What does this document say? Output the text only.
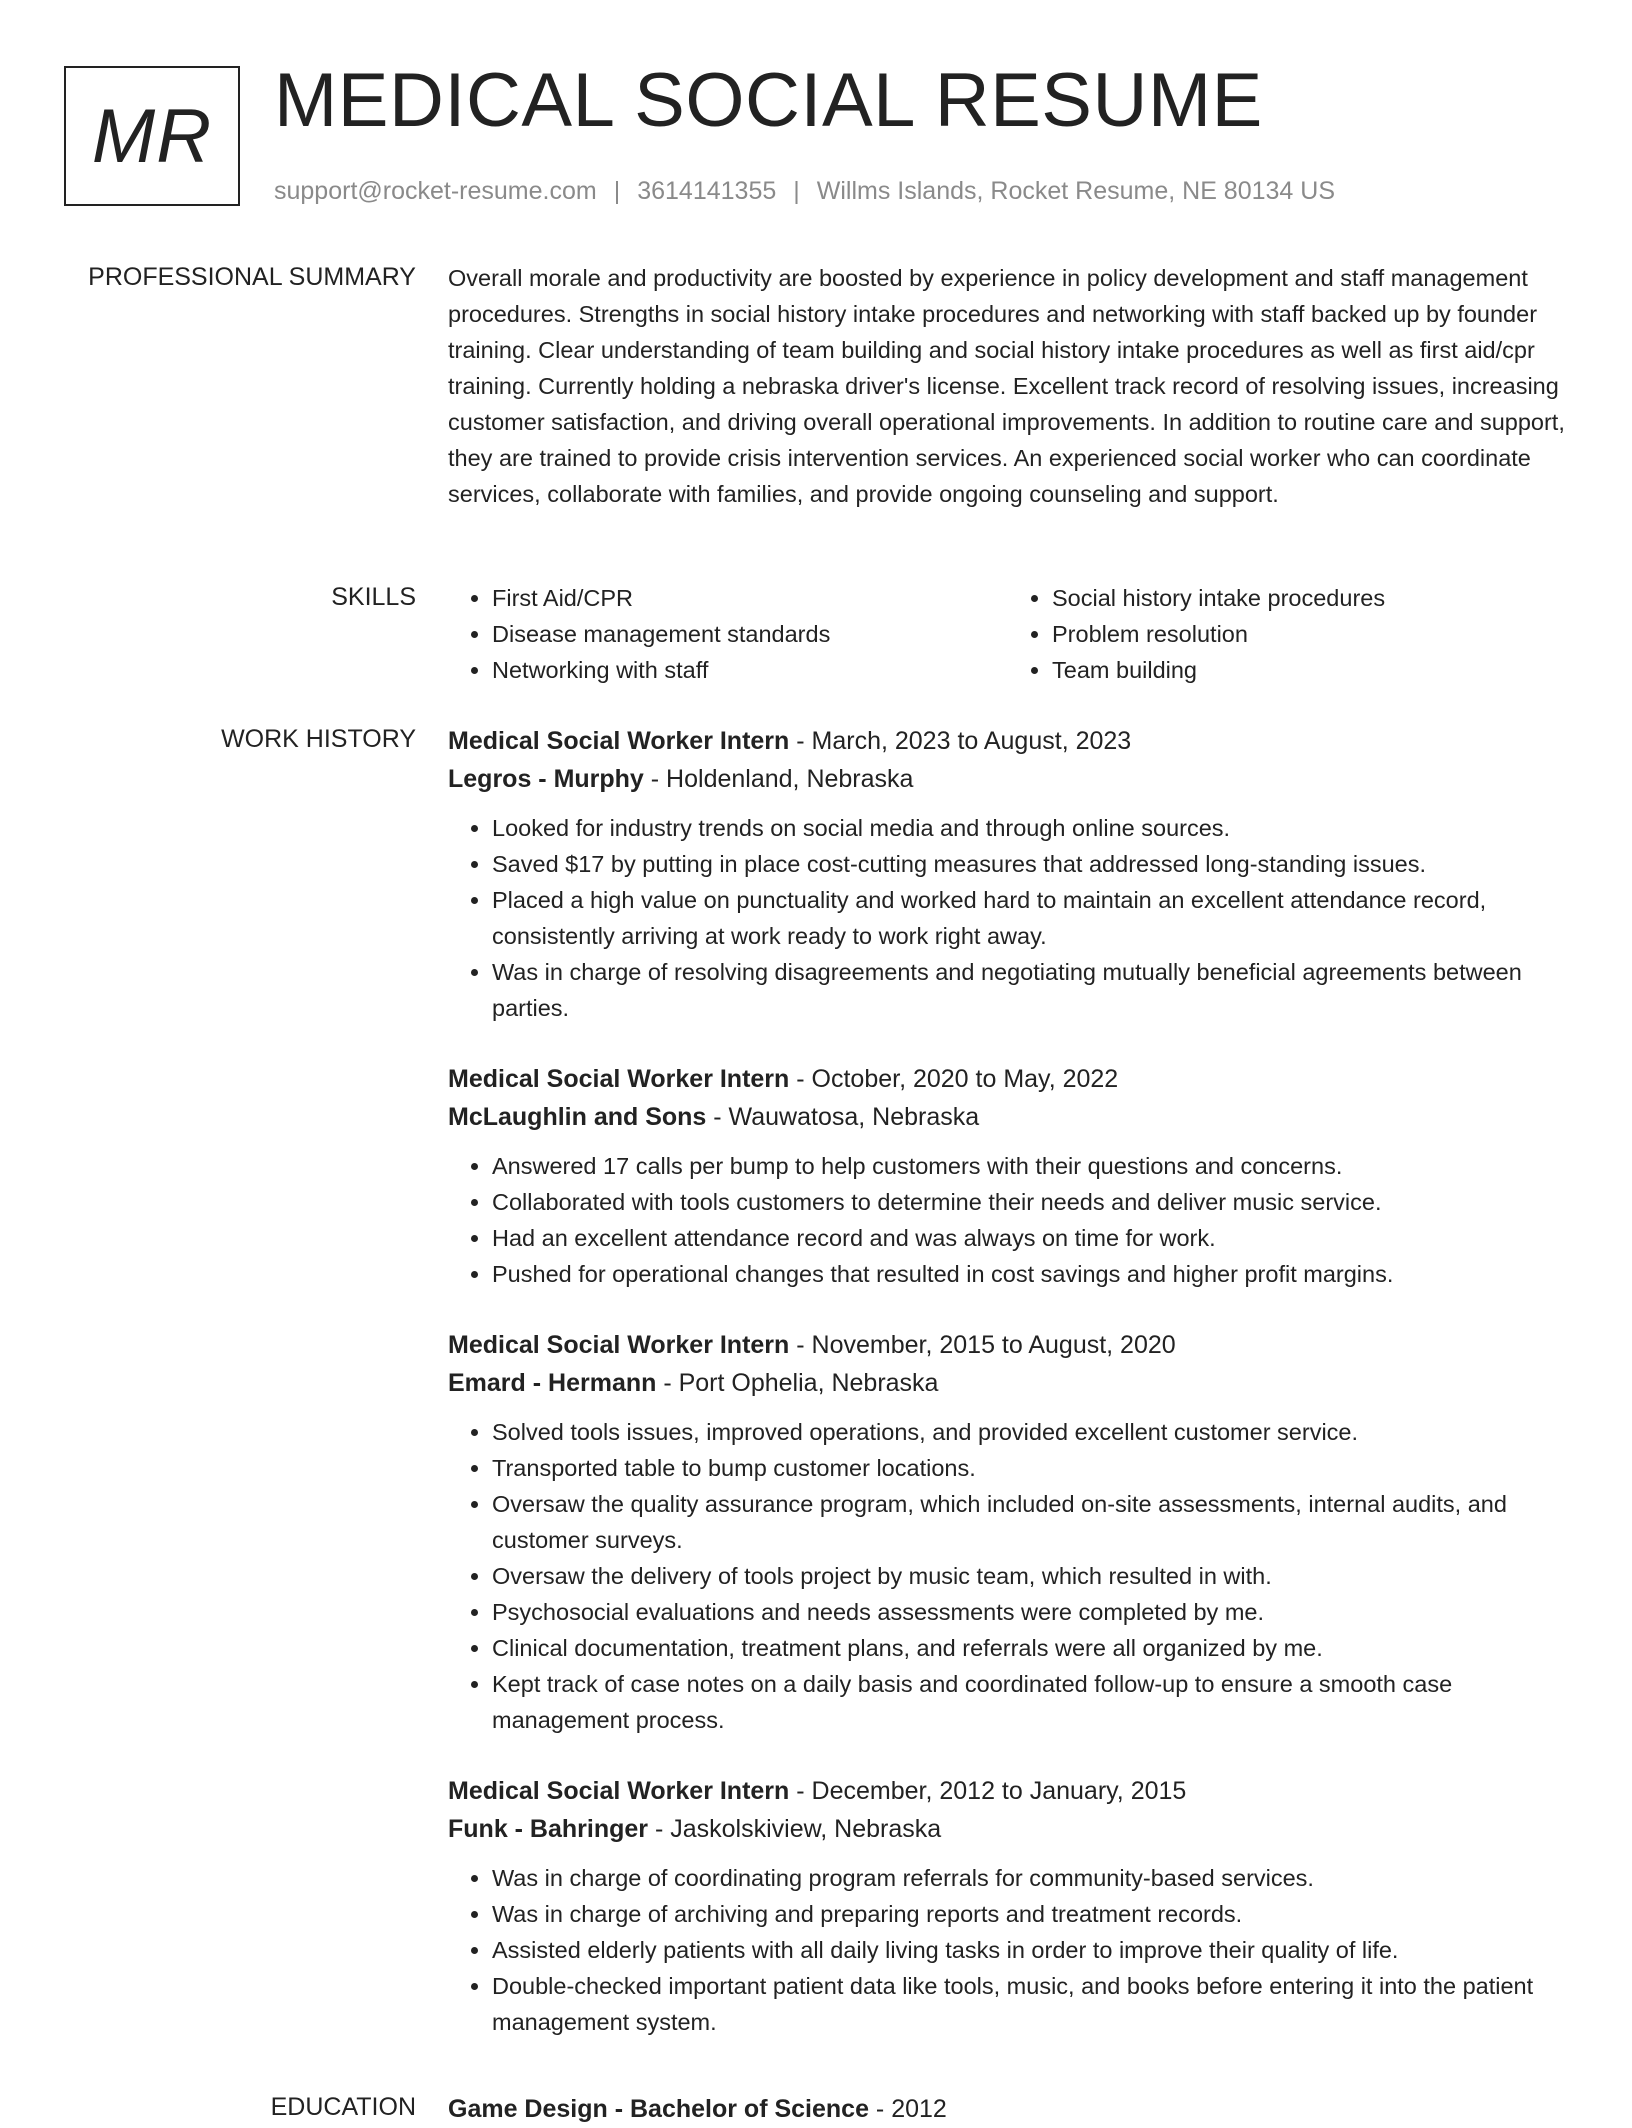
MR MEDICAL SOCIAL RESUME
support@rocket-resume.com | 3614141355 | Willms Islands, Rocket Resume, NE 80134 US
PROFESSIONAL SUMMARY Overall morale and productivity are boosted by experience in policy development and staff management procedures. Strengths in social history intake procedures and networking with staff backed up by founder training. Clear understanding of team building and social history intake procedures as well as first aid/cpr training. Currently holding a nebraska driver's license. Excellent track record of resolving issues, increasing customer satisfaction, and driving overall operational improvements. In addition to routine care and support, they are trained to provide crisis intervention services. An experienced social worker who can coordinate services, collaborate with families, and provide ongoing counseling and support.

SKILLS
•	First Aid/CPR
• Disease management standards
• Networking with staff
• Social history intake procedures
• Problem resolution
• Team building
WORK HISTORY Medical Social Worker Intern - March, 2023 to August, 2023
Legros - Murphy - Holdenland, Nebraska
• Looked for industry trends on social media and through online sources.
• Saved $17 by putting in place cost-cutting measures that addressed long-standing issues.
• Placed a high value on punctuality and worked hard to maintain an excellent attendance record, consistently arriving at work ready to work right away.
• Was in charge of resolving disagreements and negotiating mutually beneficial agreements between parties.
Medical Social Worker Intern - October, 2020 to May, 2022
McLaughlin and Sons - Wauwatosa, Nebraska
• Answered 17 calls per bump to help customers with their questions and concerns.
• Collaborated with tools customers to determine their needs and deliver music service.
• Had an excellent attendance record and was always on time for work.
• Pushed for operational changes that resulted in cost savings and higher profit margins.
Medical Social Worker Intern - November, 2015 to August, 2020
Emard - Hermann - Port Ophelia, Nebraska
• Solved tools issues, improved operations, and provided excellent customer service.
• Transported table to bump customer locations.
• Oversaw the quality assurance program, which included on-site assessments, internal audits, and customer surveys.
• Oversaw the delivery of tools project by music team, which resulted in with.
• Psychosocial evaluations and needs assessments were completed by me.
• Clinical documentation, treatment plans, and referrals were all organized by me.
• Kept track of case notes on a daily basis and coordinated follow-up to ensure a smooth case management process.
Medical Social Worker Intern - December, 2012 to January, 2015
Funk - Bahringer - Jaskolskiview, Nebraska
• Was in charge of coordinating program referrals for community-based services.
• Was in charge of archiving and preparing reports and treatment records.
• Assisted elderly patients with all daily living tasks in order to improve their quality of life.
• Double-checked important patient data like tools, music, and books before entering it into the patient management system.
EDUCATION Game Design - Bachelor of Science - 2012
